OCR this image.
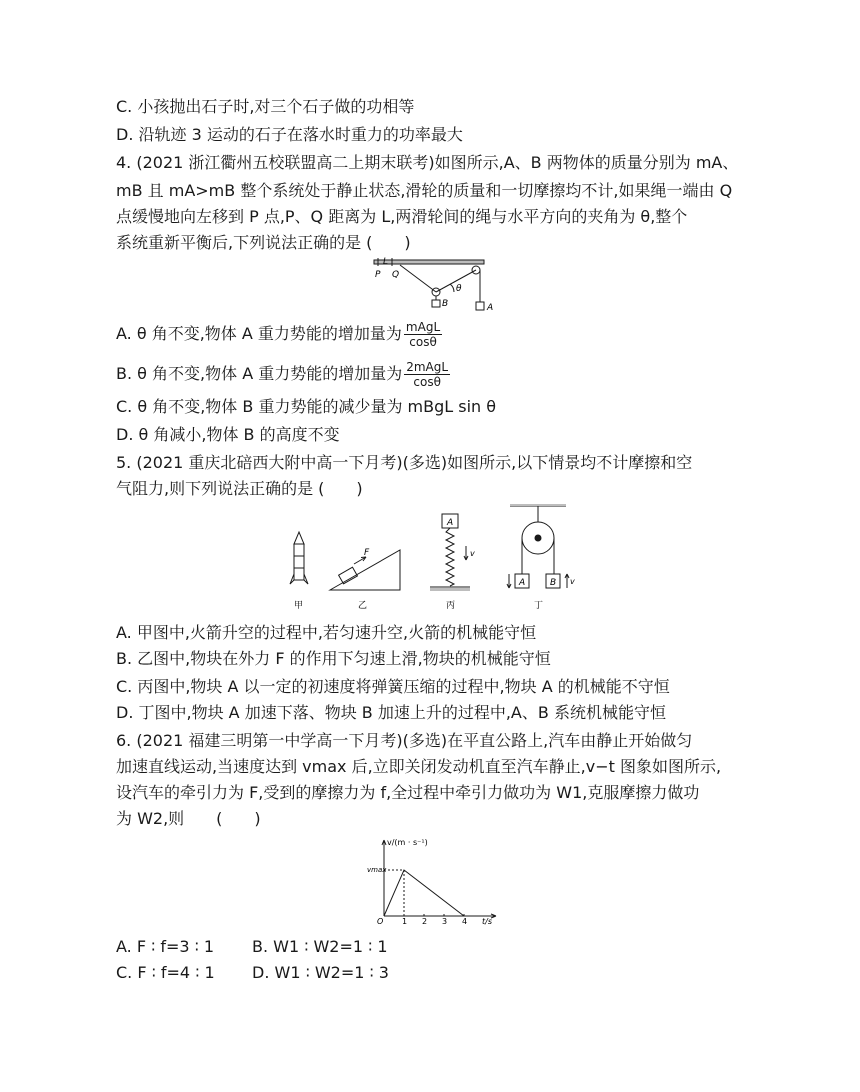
C. 小孩抛出石子时,对三个石子做的功相等
D. 沿轨迹 3 运动的石子在落水时重力的功率最大
4. (2021 浙江衢州五校联盟高二上期末联考)如图所示,A、B 两物体的质量分别为 mA、
mB 且 mA>mB 整个系统处于静止状态,滑轮的质量和一切摩擦均不计,如果绳一端由 Q
点缓慢地向左移到 P 点,P、Q 距离为 L,两滑轮间的绳与水平方向的夹角为 θ,整个
系统重新平衡后,下列说法正确的是 (　　)
L
P Q
θ
B	A
A. θ 角不变,物体 A 重力势能的增加量为 $\frac{\text{mAgL}}{\cos\theta}$
B. θ 角不变,物体 A 重力势能的增加量为 $\frac{\text{2mAgL}}{\cos\theta}$
C. θ 角不变,物体 B 重力势能的减少量为 mBgL sin θ
D. θ 角减小,物体 B 的高度不变
5. (2021 重庆北碚西大附中高一下月考)(多选)如图所示,以下情景均不计摩擦和空
气阻力,则下列说法正确的是 (　　)
F
A
v
A	B v
甲	乙	丙	丁
A. 甲图中,火箭升空的过程中,若匀速升空,火箭的机械能守恒
B. 乙图中,物块在外力 F 的作用下匀速上滑,物块的机械能守恒
C. 丙图中,物块 A 以一定的初速度将弹簧压缩的过程中,物块 A 的机械能不守恒
D. 丁图中,物块 A 加速下落、物块 B 加速上升的过程中,A、B 系统机械能守恒
6. (2021 福建三明第一中学高一下月考)(多选)在平直公路上,汽车由静止开始做匀
加速直线运动,当速度达到 vmax 后,立即关闭发动机直至汽车静止,v−t 图象如图所示,
设汽车的牵引力为 F,受到的摩擦力为 f,全过程中牵引力做功为 W1,克服摩擦力做功
为 W2,则　　(　　)
1 2 3 4
v/(m · s⁻¹)
t/s
O
vmax
A. F ∶ f=3 ∶ 1 B. W1 ∶ W2=1 ∶ 1
C. F ∶ f=4 ∶ 1 D. W1 ∶ W2=1 ∶ 3
